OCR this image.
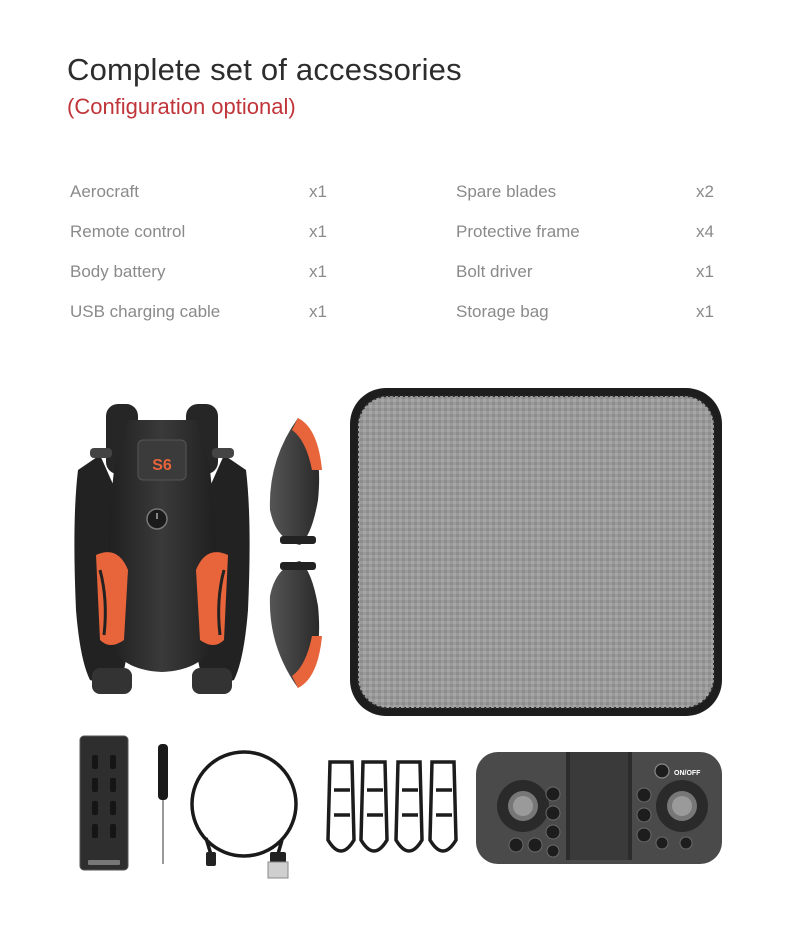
Complete set of accessories
(Configuration optional)
Aerocraft	x1
Remote control	x1
Body battery	x1
USB charging cable	x1
Spare blades	x2
Protective frame	x4
Bolt driver	x1
Storage bag	x1
S6
ON/OFF
